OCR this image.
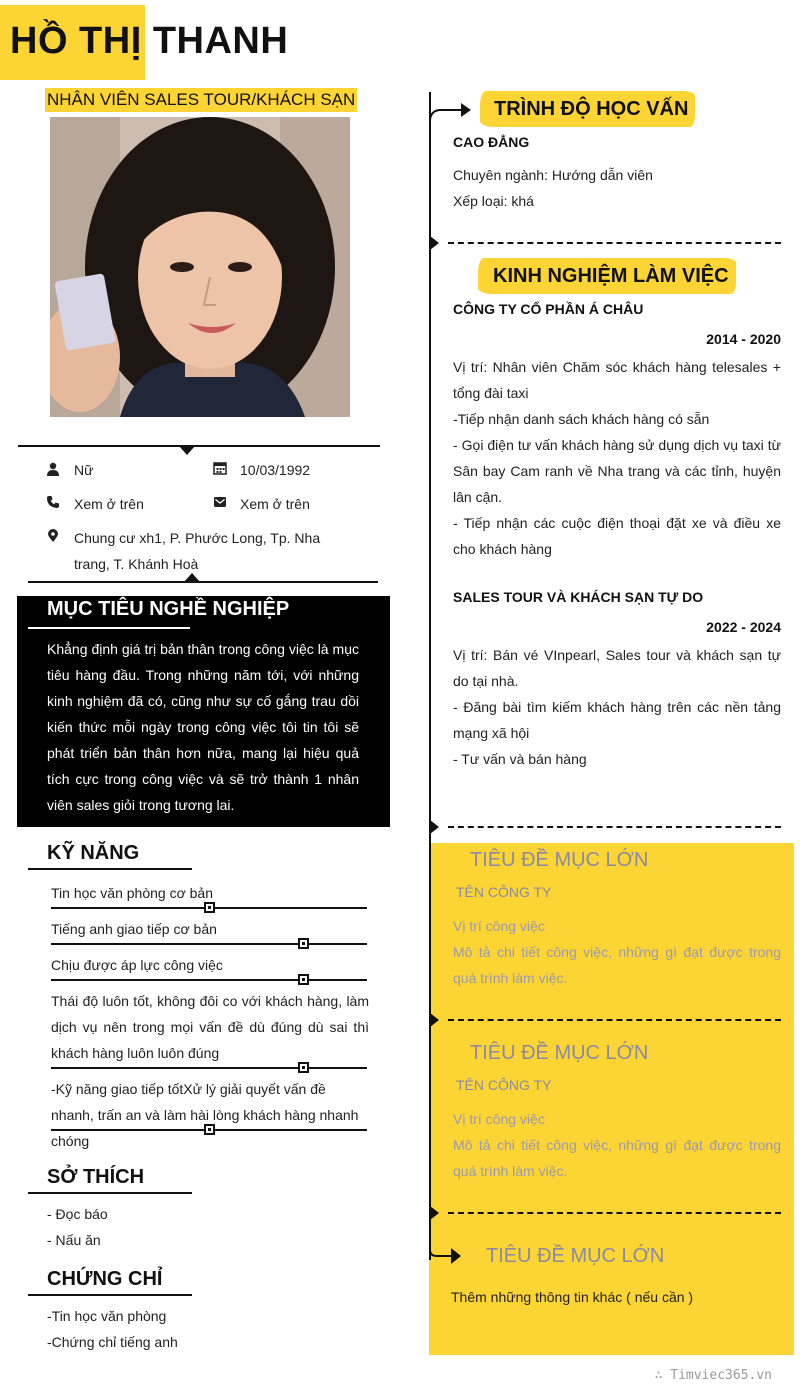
HỒ THỊ THANH
NHÂN VIÊN SALES TOUR/KHÁCH SẠN
Nữ	10/03/1992
Xem ở trên	Xem ở trên
Chung cư xh1, P. Phước Long, Tp. Nha trang, T. Khánh Hoà
MỤC TIÊU NGHỀ NGHIỆP
Khẳng định giá trị bản thân trong công việc là mục tiêu hàng đầu. Trong những năm tới, với những kinh nghiệm đã có, cũng như sự cố gắng trau dồi kiến thức mỗi ngày trong công việc tôi tin tôi sẽ phát triển bản thân hơn nữa, mang lại hiệu quả tích cực trong công việc và sẽ trở thành 1 nhân viên sales giỏi trong tương lai.
KỸ NĂNG
Tin học văn phòng cơ bản
Tiếng anh giao tiếp cơ bản
Chịu được áp lực công việc
Thái độ luôn tốt, không đôi co với khách hàng, làm dịch vụ nên trong mọi vấn đề dù đúng dù sai thì khách hàng luôn luôn đúng
-Kỹ năng giao tiếp tốtXử lý giải quyết vấn đề nhanh, trấn an và làm hài lòng khách hàng nhanh chóng
SỞ THÍCH
- Đọc báo
- Nấu ăn
CHỨNG CHỈ
-Tin học văn phòng
-Chứng chỉ tiếng anh
TRÌNH ĐỘ HỌC VẤN
CAO ĐẲNG
Chuyên ngành: Hướng dẫn viên
Xếp loại: khá
KINH NGHIỆM LÀM VIỆC
CÔNG TY CỔ PHẦN Á CHÂU
2014 - 2020
Vị trí: Nhân viên Chăm sóc khách hàng telesales + tổng đài taxi
-Tiếp nhận danh sách khách hàng có sẵn
- Gọi điện tư vấn khách hàng sử dụng dịch vụ taxi từ Sân bay Cam ranh về Nha trang và các tỉnh, huyện lân cận.
- Tiếp nhận các cuộc điện thoại đặt xe và điều xe cho khách hàng
SALES TOUR VÀ KHÁCH SẠN TỰ DO
2022 - 2024
Vị trí: Bán vé VInpearl, Sales tour và khách sạn tự do tại nhà.
- Đăng bài tìm kiếm khách hàng trên các nền tảng mạng xã hội
- Tư vấn và bán hàng
TIÊU ĐỀ MỤC LỚN
TÊN CÔNG TY
Vị trí công việc
Mô tả chi tiết công việc, những gì đạt được trong quá trình làm việc.
TIÊU ĐỀ MỤC LỚN
TÊN CÔNG TY
Vị trí công việc
Mô tả chi tiết công việc, những gì đạt được trong quá trình làm việc.
TIÊU ĐỀ MỤC LỚN
Thêm những thông tin khác ( nếu cần )
∴ Timviec365.vn
